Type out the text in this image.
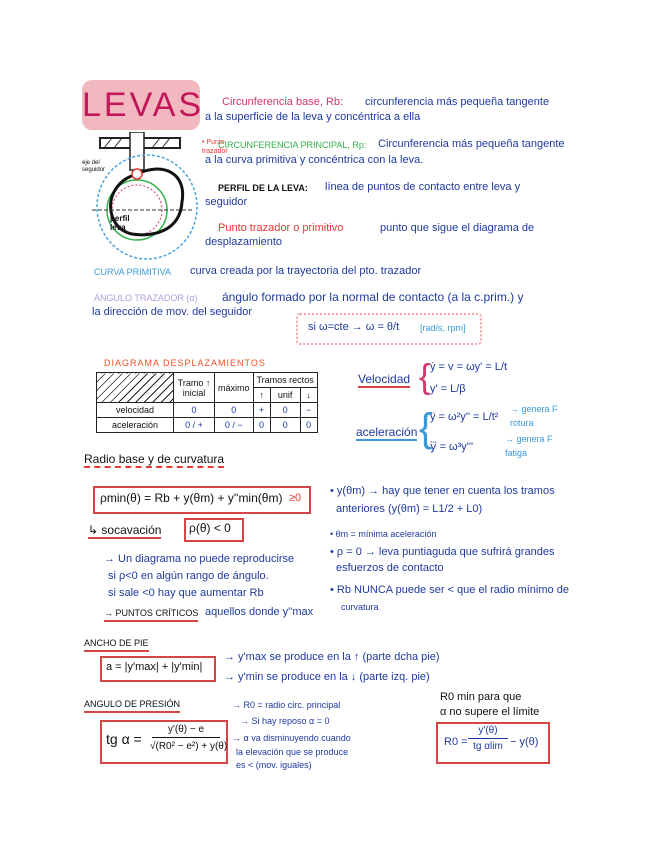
LEVAS
• Punto trazador
eje del seguidor
perfil leva
Circunferencia base, Rb: circunferencia más pequeña tangente
a la superficie de la leva y concéntrica a ella
CIRCUNFERENCIA PRINCIPAL, Rp: Circunferencia más pequeña tangente
a la curva primitiva y concéntrica con la leva.
PERFIL DE LA LEVA: línea de puntos de contacto entre leva y
seguidor
Punto trazador o primitivo	punto que sigue el diagrama de
desplazamiento
CURVA PRIMITIVA curva creada por la trayectoria del pto. trazador
ÁNGULO TRAZADOR (α) ángulo formado por la normal de contacto (a la c.prim.) y
la dirección de mov. del seguidor
si ω=cte → ω = θ/t [rad/s, rpm]
DIAGRAMA DESPLAZAMIENTOS
	Tramo ↑ inicial	máximo	Tramos rectos		
			↑	unif	↓
velocidad	0	0	+	0	−
aceleración	0 / +	0 / −	0	0	0
Velocidad { ẏ = v = ωy' = L/t
y' = L/β
aceleración {
ÿ = ω²y'' = L/t²
→ genera F rotura
y⃛ = ω³y'''
→ genera F fatiga
Radio base y de curvatura
ρmin(θ) = Rb + y(θm) + y''min(θm) ≥0
↳ socavación ρ(θ) < 0
→ Un diagrama no puede reproducirse
si ρ<0 en algún rango de ángulo.
si sale <0 hay que aumentar Rb
→ PUNTOS CRÍTICOS aquellos donde y''max
• y(θm) → hay que tener en cuenta los tramos
anteriores (y(θm) = L1/2 + L0)
• θm = mínima aceleración
• ρ = 0 → leva puntiaguda que sufrirá grandes
esfuerzos de contacto
• Rb NUNCA puede ser < que el radio mínimo de
curvatura
ANCHO DE PIE
a = |y'max| + |y'min|
→ y'max se produce en la ↑ (parte dcha pie)
→ y'min se produce en la ↓ (parte izq. pie)
ANGULO DE PRESIÓN
tg α =
y'(θ) − e
√(R0² − e²) + y(θ)
→ R0 = radio circ. principal
→ Si hay reposo α = 0
→ α va disminuyendo cuando
la elevación que se produce
es < (mov. iguales)
R0 min para que
α no supere el límite
R0 =
y'(θ)
tg αlim − y(θ)
